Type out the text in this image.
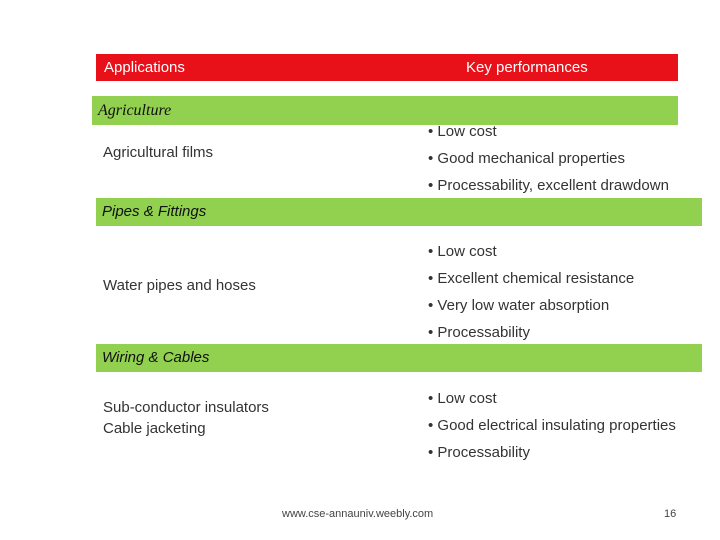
Applications	Key performances
Agriculture
Agricultural films
• Low cost
• Good mechanical properties
• Processability, excellent drawdown
Pipes & Fittings
Water pipes and hoses
• Low cost
• Excellent chemical resistance
• Very low water absorption
• Processability
Wiring & Cables
Sub-conductor insulators
Cable jacketing
• Low cost
• Good electrical insulating properties
• Processability
www.cse-annauniv.weebly.com	16
